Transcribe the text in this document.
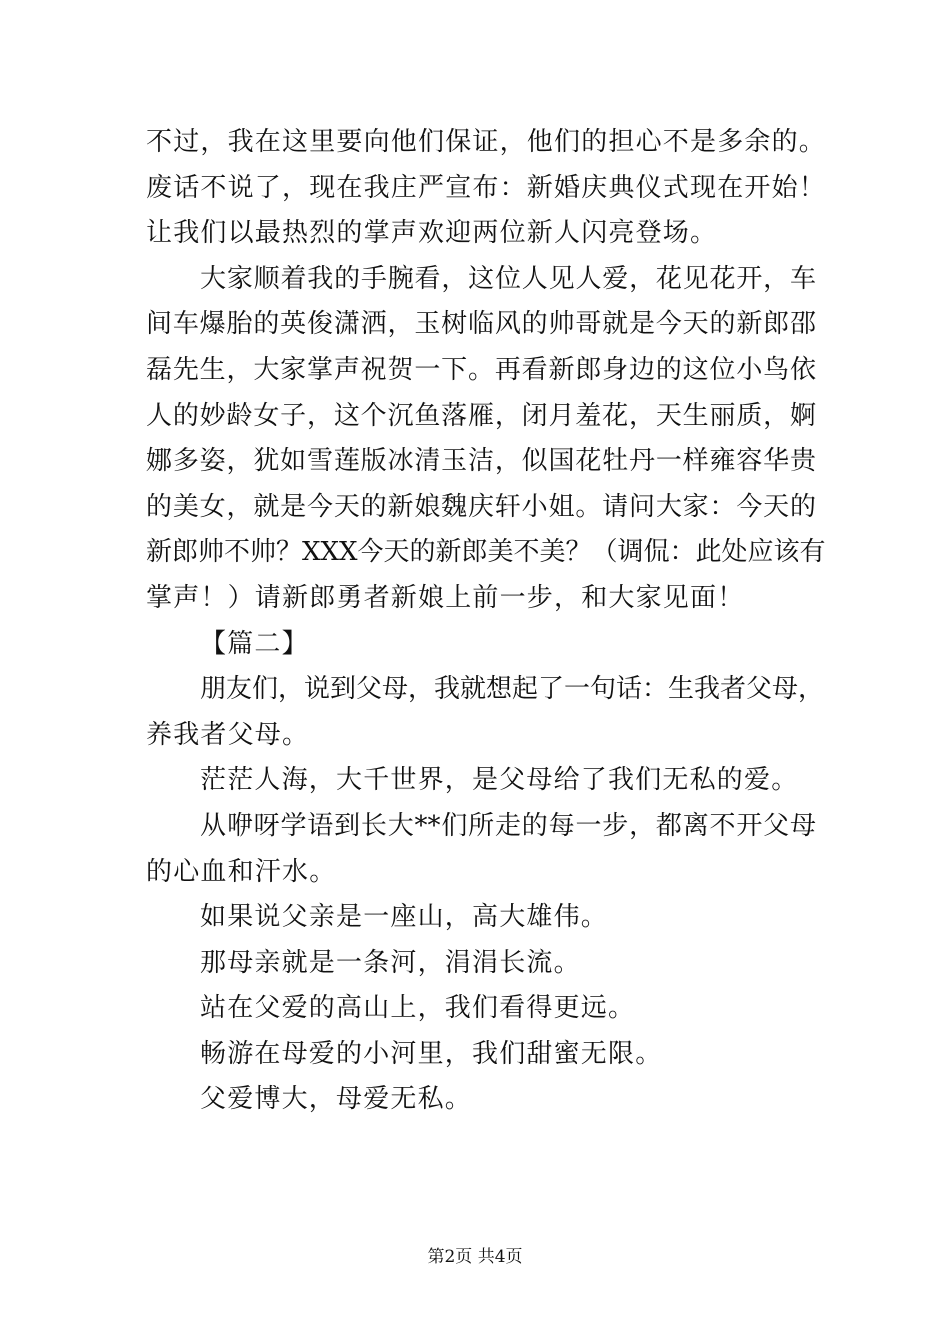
不过，我在这里要向他们保证，他们的担心不是多余的。
废话不说了，现在我庄严宣布：新婚庆典仪式现在开始！
让我们以最热烈的掌声欢迎两位新人闪亮登场。
大家顺着我的手腕看，这位人见人爱，花见花开，车
间车爆胎的英俊潇洒，玉树临风的帅哥就是今天的新郎邵
磊先生，大家掌声祝贺一下。再看新郎身边的这位小鸟依
人的妙龄女子，这个沉鱼落雁，闭月羞花，天生丽质，婀
娜多姿，犹如雪莲版冰清玉洁，似国花牡丹一样雍容华贵
的美女，就是今天的新娘魏庆轩小姐。请问大家：今天的
新郎帅不帅？XXX今天的新郎美不美？（调侃：此处应该有
掌声！）请新郎勇者新娘上前一步，和大家见面！
【篇二】
朋友们，说到父母，我就想起了一句话：生我者父母，
养我者父母。
茫茫人海，大千世界，是父母给了我们无私的爱。
从咿呀学语到长大**们所走的每一步，都离不开父母
的心血和汗水。
如果说父亲是一座山，高大雄伟。
那母亲就是一条河，涓涓长流。
站在父爱的高山上，我们看得更远。
畅游在母爱的小河里，我们甜蜜无限。
父爱博大，母爱无私。
第2页 共4页
